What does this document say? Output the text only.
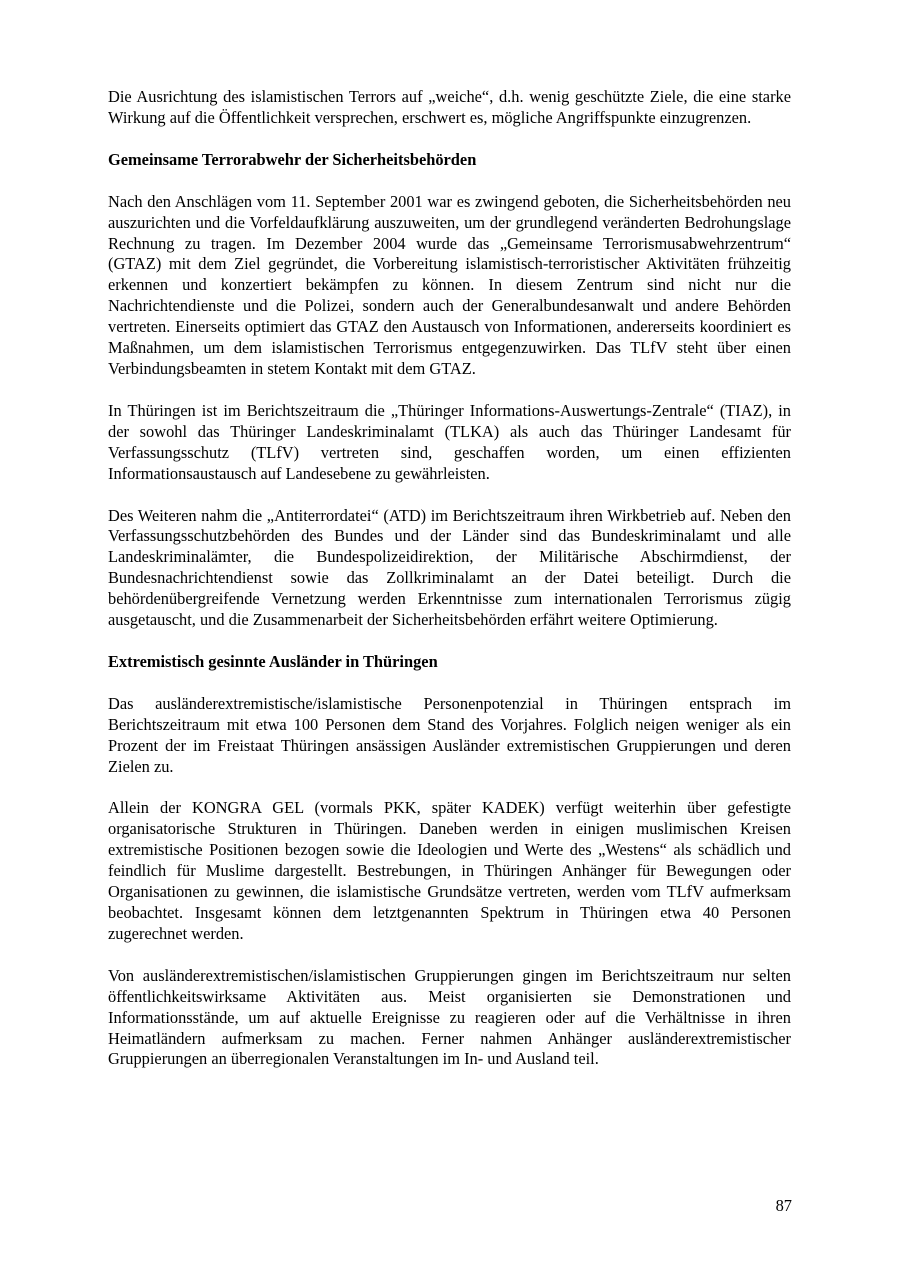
Die Ausrichtung des islamistischen Terrors auf „weiche“, d.h. wenig geschützte Ziele, die eine starke Wirkung auf die Öffentlichkeit versprechen, erschwert es, mögliche Angriffspunkte einzugrenzen.

Gemeinsame Terrorabwehr der Sicherheitsbehörden

Nach den Anschlägen vom 11. September 2001 war es zwingend geboten, die Sicherheitsbehörden neu auszurichten und die Vorfeldaufklärung auszuweiten, um der grundlegend veränderten Bedrohungslage Rechnung zu tragen. Im Dezember 2004 wurde das „Gemeinsame Terrorismusabwehrzentrum“ (GTAZ) mit dem Ziel gegründet, die Vorbereitung islamistisch-terroristischer Aktivitäten frühzeitig erkennen und konzertiert bekämpfen zu können. In diesem Zentrum sind nicht nur die Nachrichtendienste und die Polizei, sondern auch der Generalbundesanwalt und andere Behörden vertreten. Einerseits optimiert das GTAZ den Austausch von Informationen, andererseits koordiniert es Maßnahmen, um dem islamistischen Terrorismus entgegenzuwirken. Das TLfV steht über einen Verbindungsbeamten in stetem Kontakt mit dem GTAZ.

In Thüringen ist im Berichtszeitraum die „Thüringer Informations-Auswertungs-Zentrale“ (TIAZ), in der sowohl das Thüringer Landeskriminalamt (TLKA) als auch das Thüringer Landesamt für Verfassungsschutz (TLfV) vertreten sind, geschaffen worden, um einen effizienten Informationsaustausch auf Landesebene zu gewährleisten.

Des Weiteren nahm die „Antiterrordatei“ (ATD) im Berichtszeitraum ihren Wirkbetrieb auf. Neben den Verfassungsschutzbehörden des Bundes und der Länder sind das Bundeskriminalamt und alle Landeskriminalämter, die Bundespolizeidirektion, der Militärische Abschirmdienst, der Bundesnachrichtendienst sowie das Zollkriminalamt an der Datei beteiligt. Durch die behördenübergreifende Vernetzung werden Erkenntnisse zum internationalen Terrorismus zügig ausgetauscht, und die Zusammenarbeit der Sicherheitsbehörden erfährt weitere Optimierung.

Extremistisch gesinnte Ausländer in Thüringen

Das ausländerextremistische/islamistische Personenpotenzial in Thüringen entsprach im Berichtszeitraum mit etwa 100 Personen dem Stand des Vorjahres. Folglich neigen weniger als ein Prozent der im Freistaat Thüringen ansässigen Ausländer extremistischen Gruppierungen und deren Zielen zu.

Allein der KONGRA GEL (vormals PKK, später KADEK) verfügt weiterhin über gefestigte organisatorische Strukturen in Thüringen. Daneben werden in einigen muslimischen Kreisen extremistische Positionen bezogen sowie die Ideologien und Werte des „Westens“ als schädlich und feindlich für Muslime dargestellt. Bestrebungen, in Thüringen Anhänger für Bewegungen oder Organisationen zu gewinnen, die islamistische Grundsätze vertreten, werden vom TLfV aufmerksam beobachtet. Insgesamt können dem letztgenannten Spektrum in Thüringen etwa 40 Personen zugerechnet werden.

Von ausländerextremistischen/islamistischen Gruppierungen gingen im Berichtszeitraum nur selten öffentlichkeitswirksame Aktivitäten aus. Meist organisierten sie Demonstrationen und Informationsstände, um auf aktuelle Ereignisse zu reagieren oder auf die Verhältnisse in ihren Heimatländern aufmerksam zu machen. Ferner nahmen Anhänger ausländerextremistischer Gruppierungen an überregionalen Veranstaltungen im In- und Ausland teil.

87
